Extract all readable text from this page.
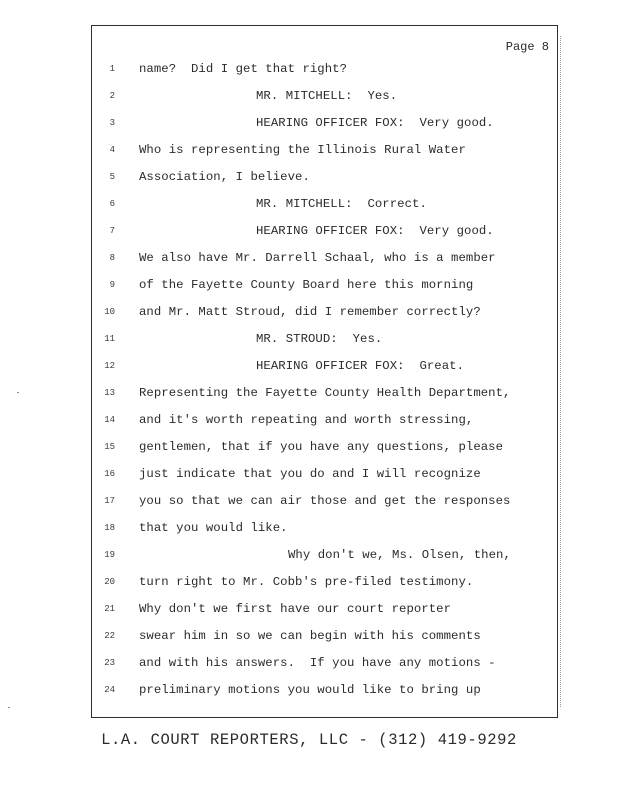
Page 8
1 name?  Did I get that right?
2	MR. MITCHELL:  Yes.
3	HEARING OFFICER FOX:  Very good.
4 Who is representing the Illinois Rural Water
5 Association, I believe.
6	MR. MITCHELL:  Correct.
7	HEARING OFFICER FOX:  Very good.
8 We also have Mr. Darrell Schaal, who is a member
9 of the Fayette County Board here this morning
10 and Mr. Matt Stroud, did I remember correctly?
11	MR. STROUD:  Yes.
12	HEARING OFFICER FOX:  Great.
13 Representing the Fayette County Health Department,
14 and it's worth repeating and worth stressing,
15 gentlemen, that if you have any questions, please
16 just indicate that you do and I will recognize
17 you so that we can air those and get the responses
18 that you would like.
19	Why don't we, Ms. Olsen, then,
20 turn right to Mr. Cobb's pre-filed testimony.
21 Why don't we first have our court reporter
22 swear him in so we can begin with his comments
23 and with his answers.  If you have any motions -
24 preliminary motions you would like to bring up
L.A. COURT REPORTERS, LLC - (312) 419-9292
